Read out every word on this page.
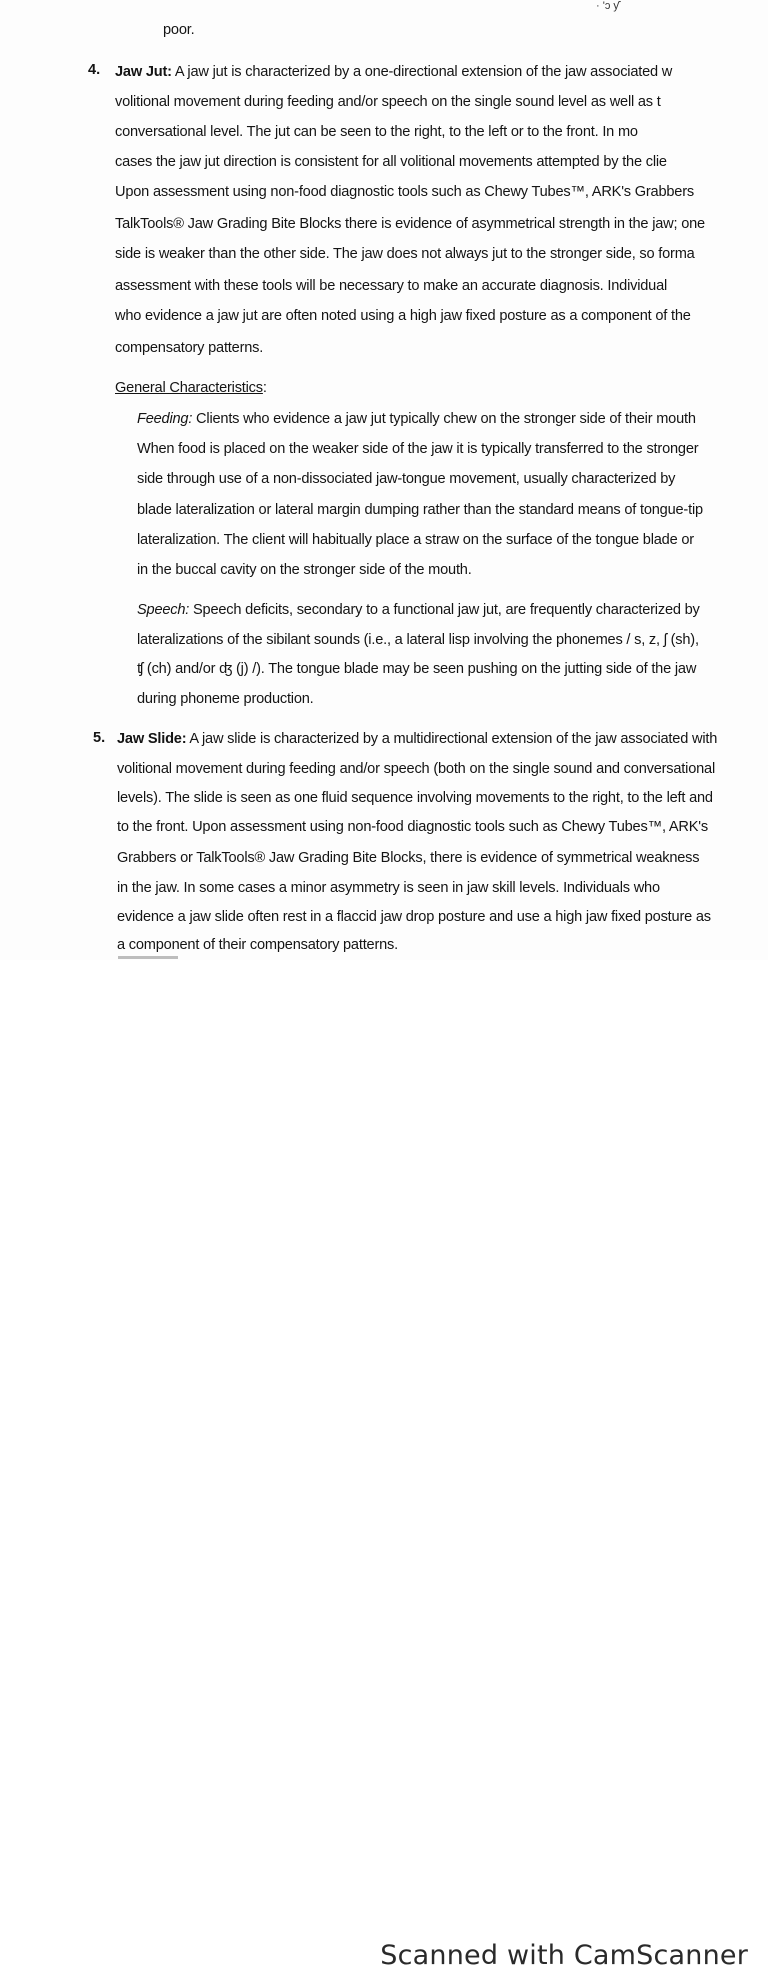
· 'ɔ ƴ
poor.
4. Jaw Jut: A jaw jut is characterized by a one-directional extension of the jaw associated w
volitional movement during feeding and/or speech on the single sound level as well as t
conversational level. The jut can be seen to the right, to the left or to the front. In mo
cases the jaw jut direction is consistent for all volitional movements attempted by the clie
Upon assessment using non-food diagnostic tools such as Chewy Tubes™, ARK's Grabbers
TalkTools® Jaw Grading Bite Blocks there is evidence of asymmetrical strength in the jaw; one
side is weaker than the other side. The jaw does not always jut to the stronger side, so forma
assessment with these tools will be necessary to make an accurate diagnosis. Individual
who evidence a jaw jut are often noted using a high jaw fixed posture as a component of the
compensatory patterns.
General Characteristics:
Feeding: Clients who evidence a jaw jut typically chew on the stronger side of their mouth
When food is placed on the weaker side of the jaw it is typically transferred to the stronger
side through use of a non-dissociated jaw-tongue movement, usually characterized by
blade lateralization or lateral margin dumping rather than the standard means of tongue-tip
lateralization. The client will habitually place a straw on the surface of the tongue blade or
in the buccal cavity on the stronger side of the mouth.
Speech: Speech deficits, secondary to a functional jaw jut, are frequently characterized by
lateralizations of the sibilant sounds (i.e., a lateral lisp involving the phonemes / s, z, ʃ (sh),
ʧ (ch) and/or ʤ (j) /). The tongue blade may be seen pushing on the jutting side of the jaw
during phoneme production.
5. Jaw Slide: A jaw slide is characterized by a multidirectional extension of the jaw associated with
volitional movement during feeding and/or speech (both on the single sound and conversational
levels). The slide is seen as one fluid sequence involving movements to the right, to the left and
to the front. Upon assessment using non-food diagnostic tools such as Chewy Tubes™, ARK's
Grabbers or TalkTools® Jaw Grading Bite Blocks, there is evidence of symmetrical weakness
in the jaw. In some cases a minor asymmetry is seen in jaw skill levels. Individuals who
evidence a jaw slide often rest in a flaccid jaw drop posture and use a high jaw fixed posture as
a component of their compensatory patterns.
Scanned with CamScanner
